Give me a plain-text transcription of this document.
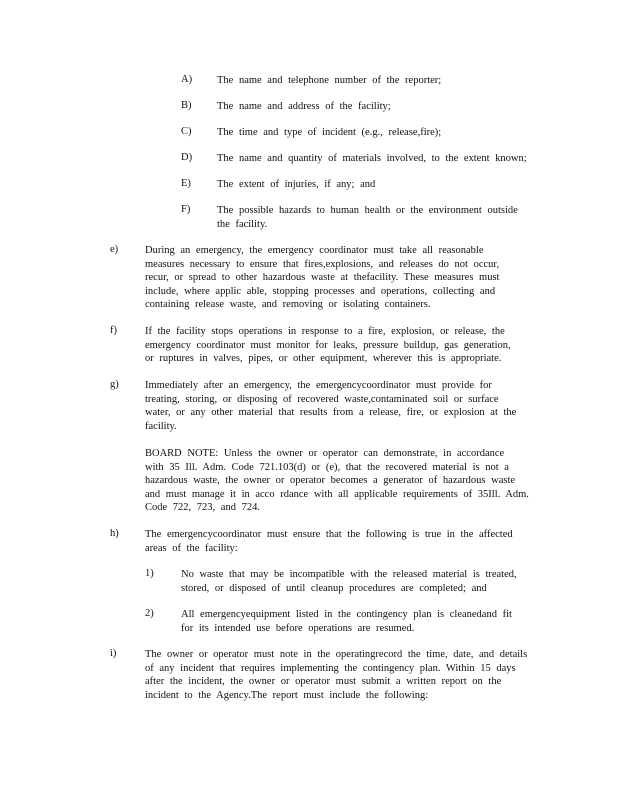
A) The name and telephone number of the reporter;
B) The name and address of the facility;
C) The time and type of incident (e.g., release,fire);
D) The name and quantity of materials involved, to the extent known;
E) The extent of injuries, if any; and
F)	The possible hazards to human health or the environment outside
the facility.
e)	During an emergency, the emergency coordinator must take all reasonable
measures necessary to ensure that fires,explosions, and releases do not occur,
recur, or spread to other hazardous waste at thefacility. These measures must
include, where applic able, stopping processes and operations, collecting and
containing release waste, and removing or isolating containers.
f)	If the facility stops operations in response to a fire, explosion, or release, the
emergency coordinator must monitor for leaks, pressure buildup, gas generation,
or ruptures in valves, pipes, or other equipment, wherever this is appropriate.
g)	Immediately after an emergency, the emergencycoordinator must provide for
treating, storing, or disposing of recovered waste,contaminated soil or surface
water, or any other material that results from a release, fire, or explosion at the
facility.
BOARD NOTE: Unless the owner or operator can demonstrate, in accordance
with 35 Ill. Adm. Code 721.103(d) or (e), that the recovered material is not a
hazardous waste, the owner or operator becomes a generator of hazardous waste
and must manage it in acco rdance with all applicable requirements of 35Ill. Adm.
Code 722, 723, and 724.
h)	The emergencycoordinator must ensure that the following is true in the affected
areas of the facility:
1)	No waste that may be incompatible with the released material is treated,
stored, or disposed of until cleanup procedures are completed; and
2)	All emergencyequipment listed in the contingency plan is cleanedand fit
for its intended use before operations are resumed.
i)	The owner or operator must note in the operatingrecord the time, date, and details
of any incident that requires implementing the contingency plan. Within 15 days
after the incident, the owner or operator must submit a written report on the
incident to the Agency.The report must include the following:
